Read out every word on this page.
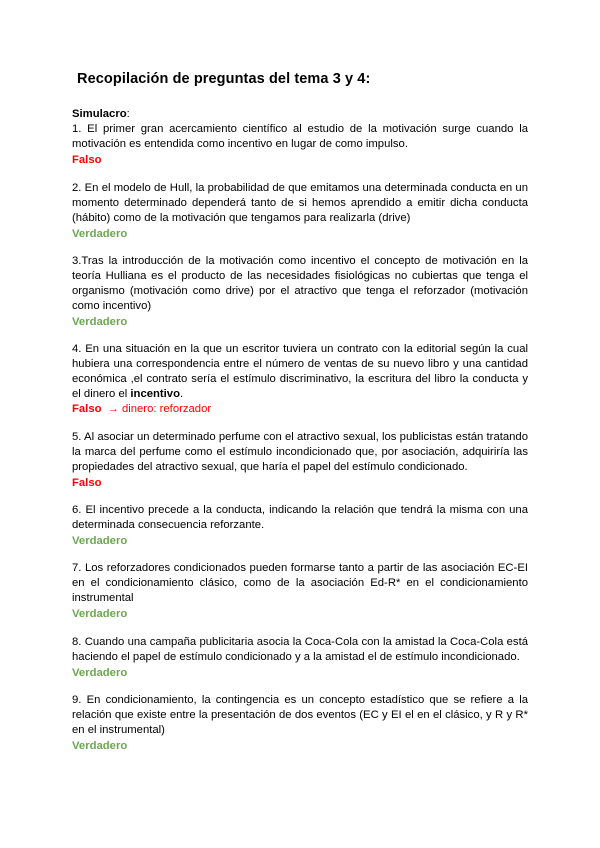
Recopilación de preguntas del tema 3 y 4:
Simulacro:

1. El primer gran acercamiento científico al estudio de la motivación surge cuando la motivación es entendida como incentivo en lugar de como impulso.

Falso

2. En el modelo de Hull, la probabilidad de que emitamos una determinada conducta en un momento determinado dependerá tanto de si hemos aprendido a emitir dicha conducta (hábito) como de la motivación que tengamos para realizarla (drive)

Verdadero

3.Tras la introducción de la motivación como incentivo el concepto de motivación en la teoría Hulliana es el producto de las necesidades fisiológicas no cubiertas que tenga el organismo (motivación como drive) por el atractivo que tenga el reforzador (motivación como incentivo)

Verdadero

4. En una situación en la que un escritor tuviera un contrato con la editorial según la cual hubiera una correspondencia entre el número de ventas de su nuevo libro y una cantidad económica ,el contrato sería el estímulo discriminativo, la escritura del libro la conducta y el dinero el incentivo.

Falso → dinero: reforzador

5. Al asociar un determinado perfume con el atractivo sexual, los publicistas están tratando la marca del perfume como el estímulo incondicionado que, por asociación, adquiriría las propiedades del atractivo sexual, que haría el papel del estímulo condicionado.

Falso

6. El incentivo precede a la conducta, indicando la relación que tendrá la misma con una determinada consecuencia reforzante.

Verdadero

7. Los reforzadores condicionados pueden formarse tanto a partir de las asociación EC-EI en el condicionamiento clásico, como de la asociación Ed-R* en el condicionamiento instrumental

Verdadero

8. Cuando una campaña publicitaria asocia la Coca-Cola con la amistad la Coca-Cola está haciendo el papel de estímulo condicionado y a la amistad el de estímulo incondicionado.

Verdadero

9. En condicionamiento, la contingencia es un concepto estadístico que se refiere a la relación que existe entre la presentación de dos eventos (EC y EI el en el clásico, y R y R* en el instrumental)

Verdadero
